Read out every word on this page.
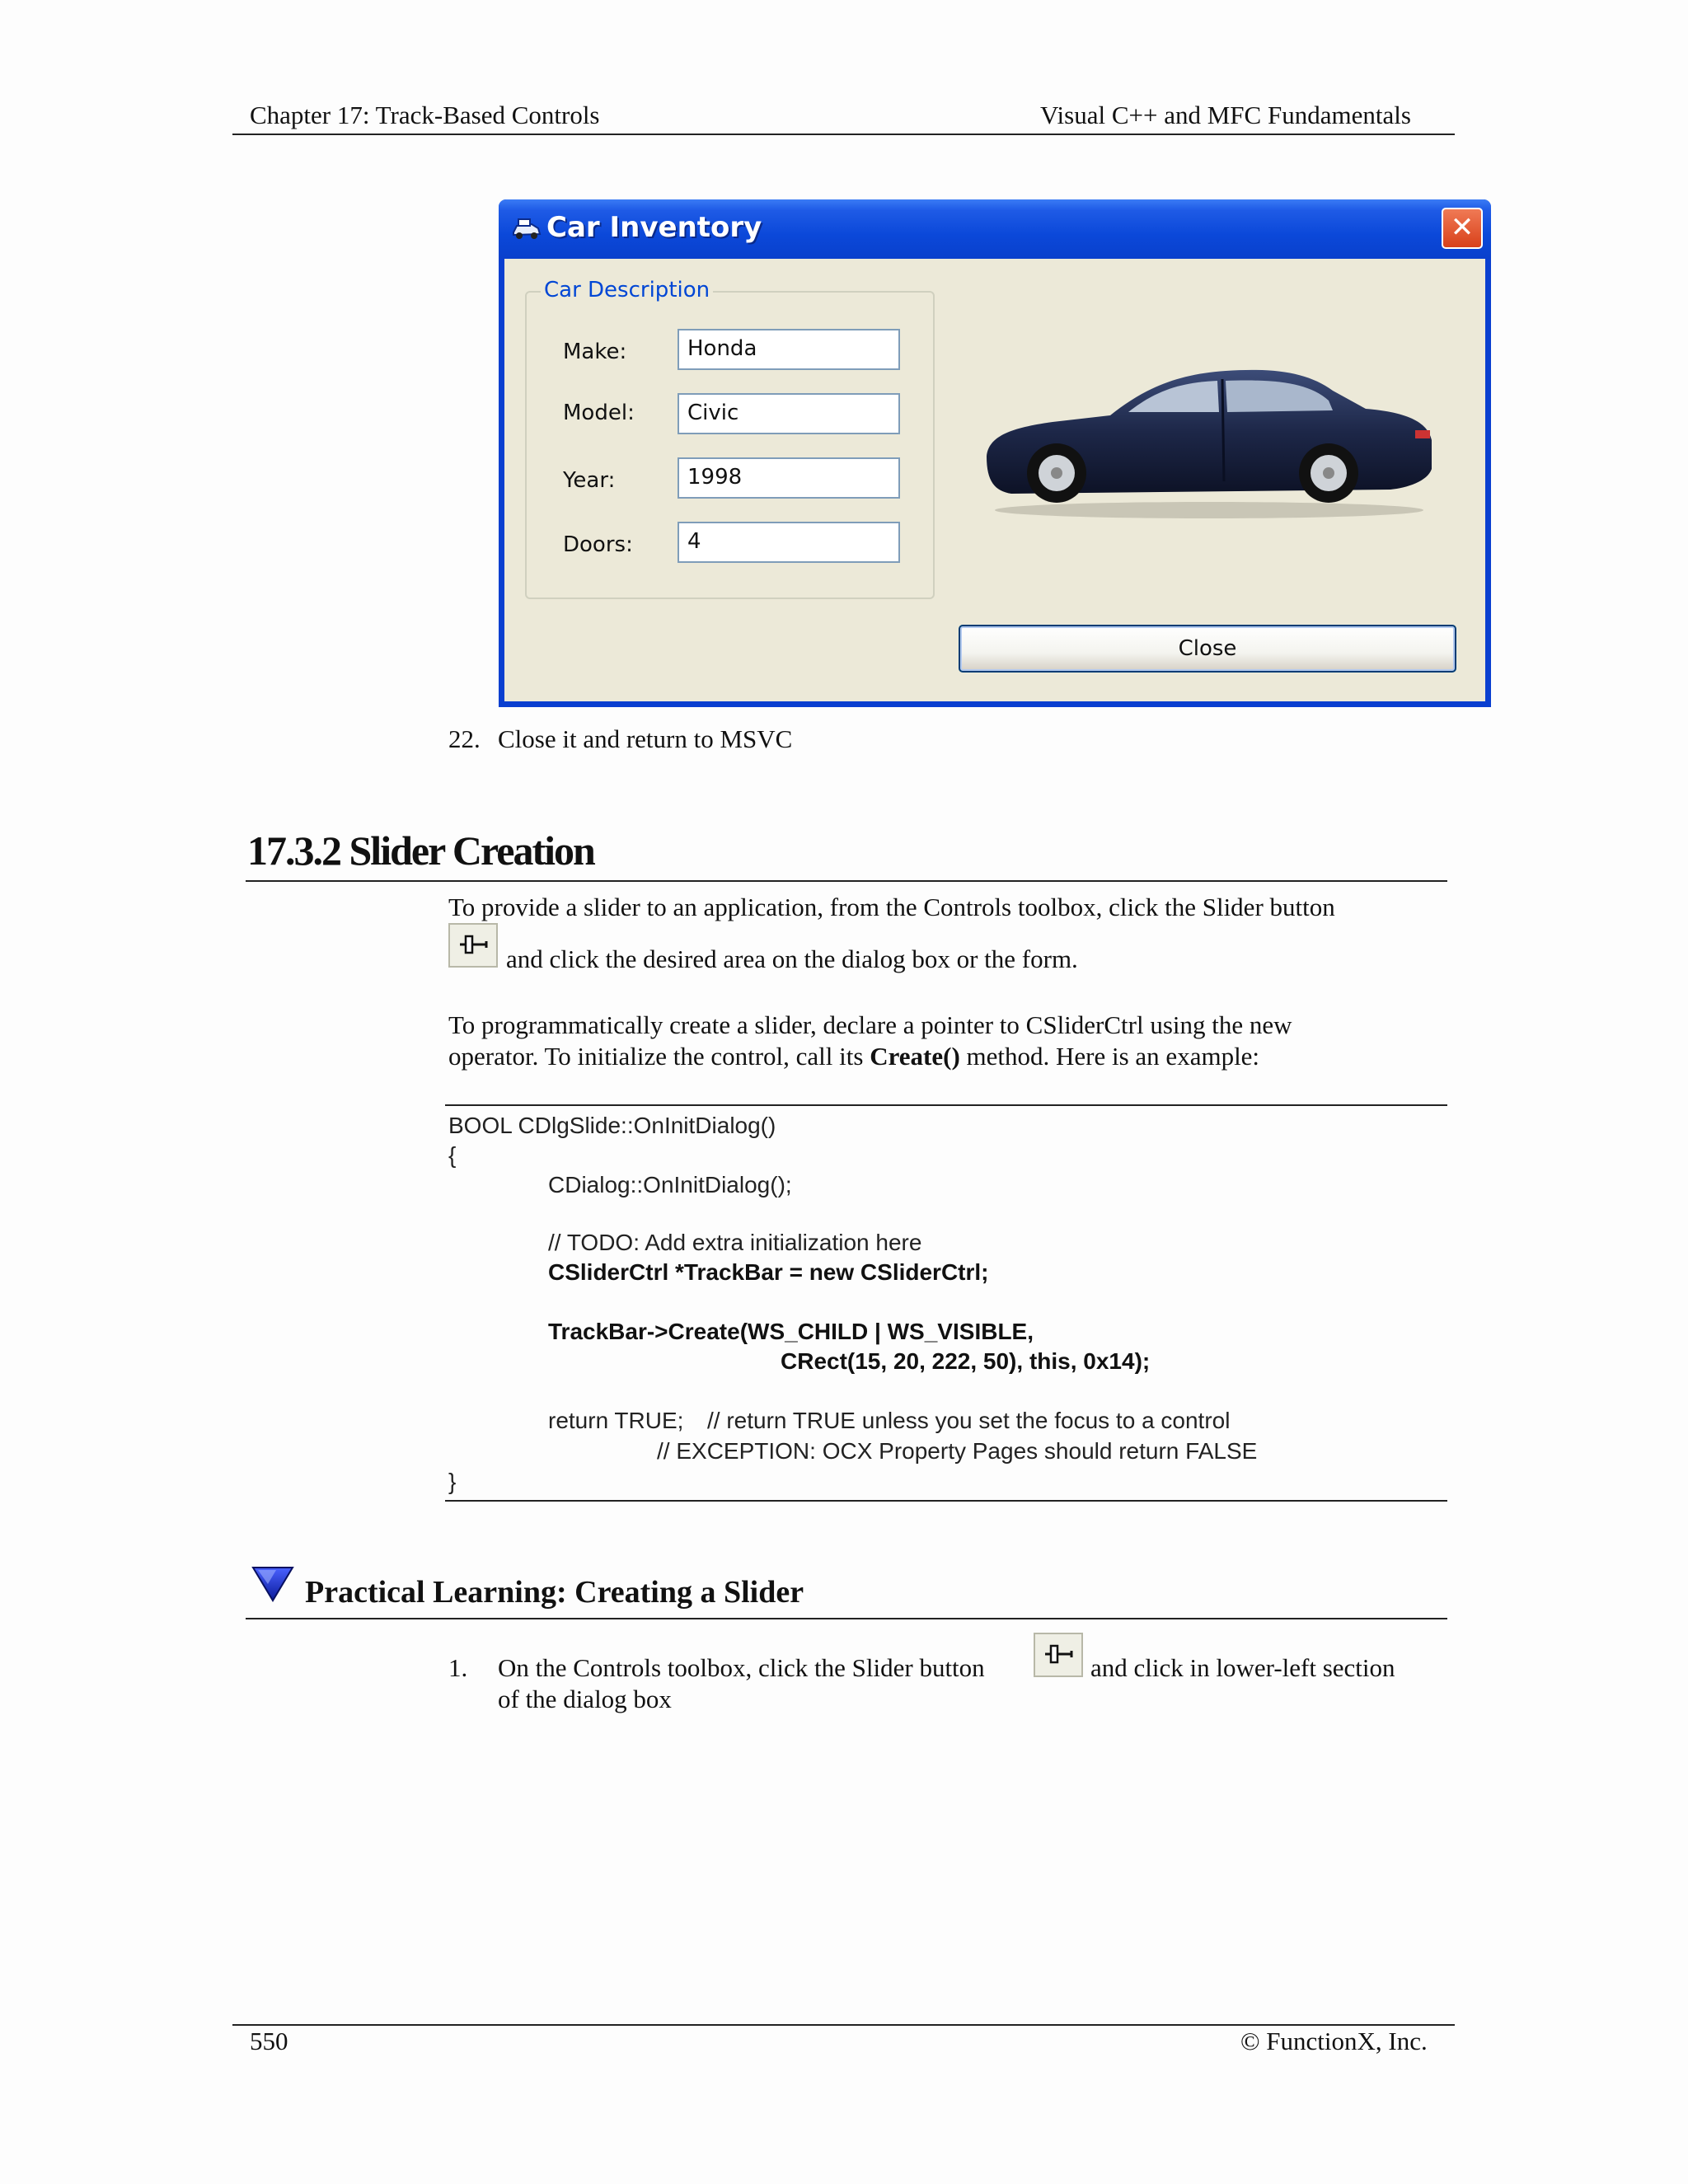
Chapter 17: Track-Based Controls	Visual C++ and MFC Fundamentals
Car Inventory	✕
Car Description
Make:	Honda
Model:	Civic
Year:	1998
Doors:	4
Close
22. Close it and return to MSVC
17.3.2 Slider Creation
To provide a slider to an application, from the Controls toolbox, click the Slider button
and click the desired area on the dialog box or the form.
To programmatically create a slider, declare a pointer to CSliderCtrl using the new
operator. To initialize the control, call its Create() method. Here is an example:
BOOL CDlgSlide::OnInitDialog()
{
CDialog::OnInitDialog();
// TODO: Add extra initialization here
CSliderCtrl *TrackBar = new CSliderCtrl;
TrackBar->Create(WS_CHILD | WS_VISIBLE,
CRect(15, 20, 222, 50), this, 0x14);
return TRUE; // return TRUE unless you set the focus to a control
// EXCEPTION: OCX Property Pages should return FALSE
}
Practical Learning: Creating a Slider
1. On the Controls toolbox, click the Slider button	and click in lower-left section
of the dialog box
550	© FunctionX, Inc.
